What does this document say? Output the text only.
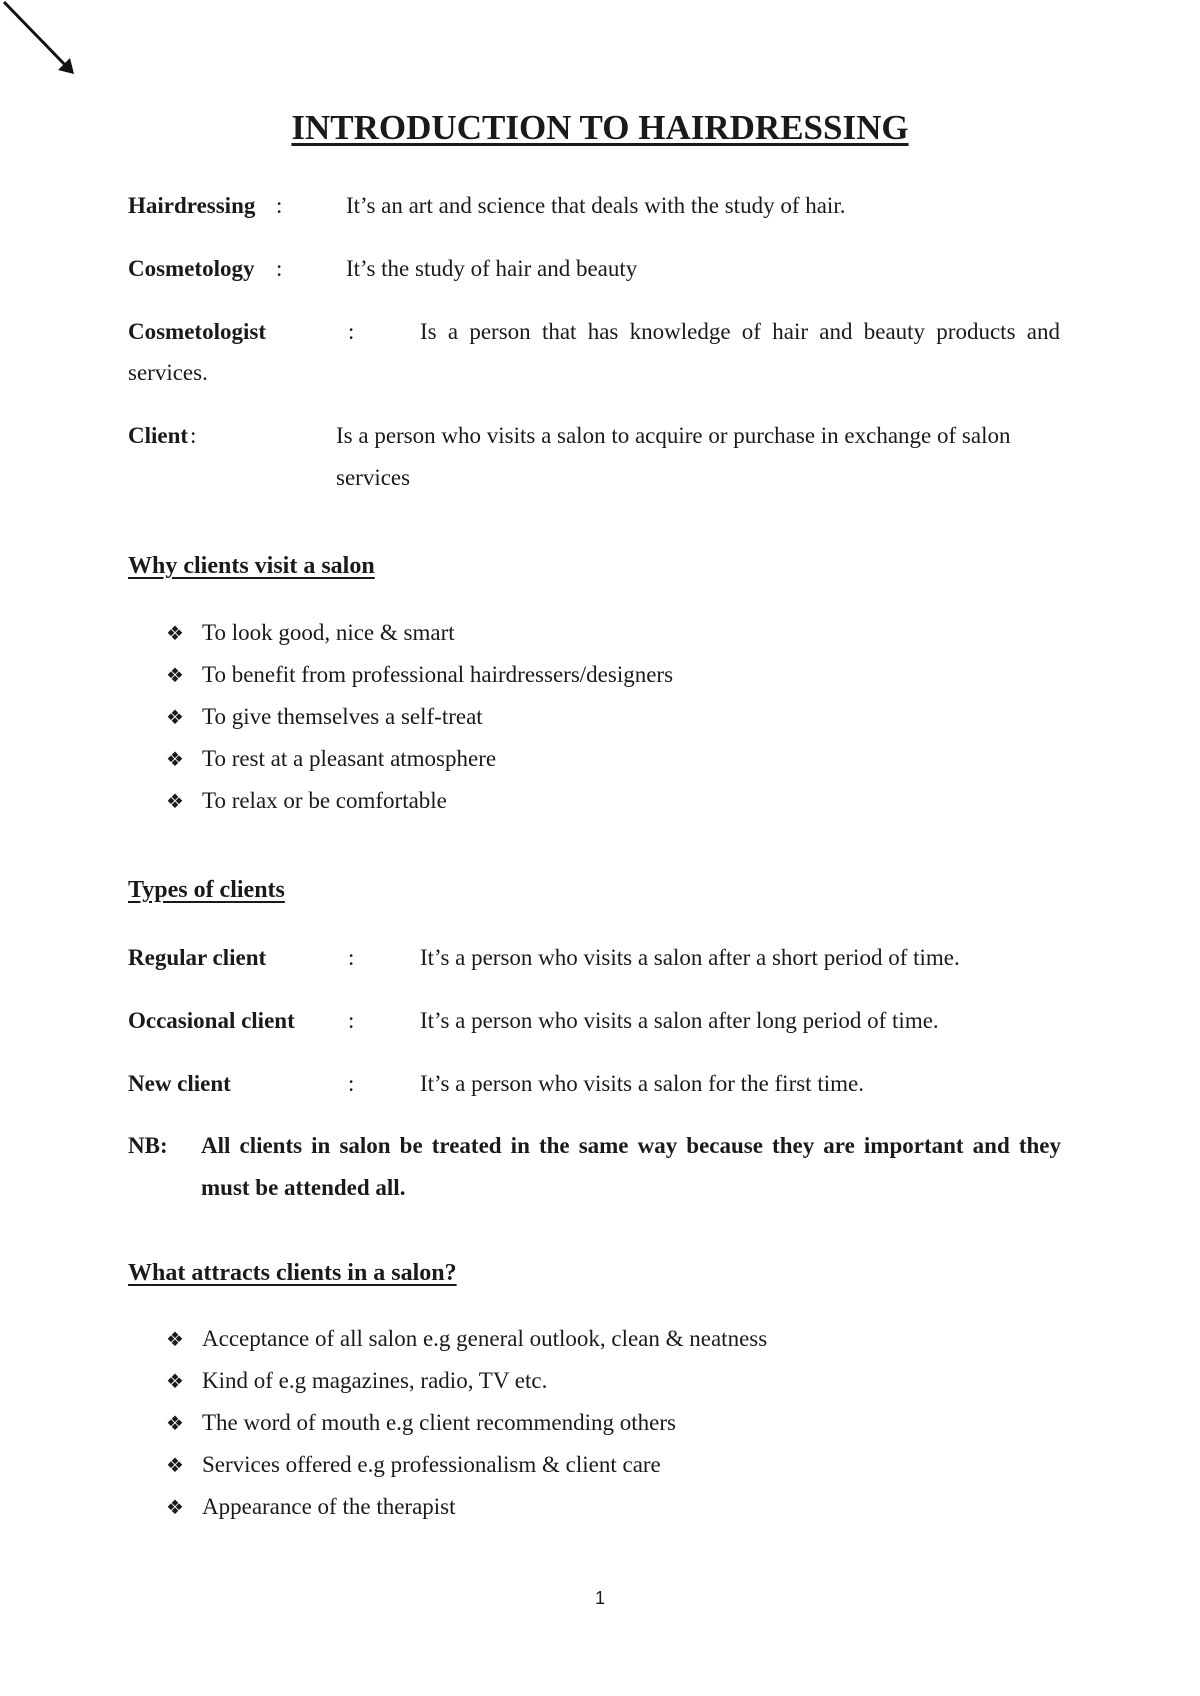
INTRODUCTION TO HAIRDRESSING
Hairdressing :	It’s an art and science that deals with the study of hair.
Cosmetology :	It’s the study of hair and beauty
Cosmetologist	:	Is a person that has knowledge of hair and beauty products and
services.
Client :	Is a person who visits a salon to acquire or purchase in exchange of salon
services
Why clients visit a salon
❖ To look good, nice & smart
❖ To benefit from professional hairdressers/designers
❖ To give themselves a self-treat
❖ To rest at a pleasant atmosphere
❖ To relax or be comfortable
Types of clients
Regular client	:	It’s a person who visits a salon after a short period of time.
Occasional client :	It’s a person who visits a salon after long period of time.
New client	:	It’s a person who visits a salon for the first time.
NB: All clients in salon be treated in the same way because they are important and they
must be attended all.
What attracts clients in a salon?
❖ Acceptance of all salon e.g general outlook, clean & neatness
❖ Kind of e.g magazines, radio, TV etc.
❖ The word of mouth e.g client recommending others
❖ Services offered e.g professionalism & client care
❖ Appearance of the therapist
1
